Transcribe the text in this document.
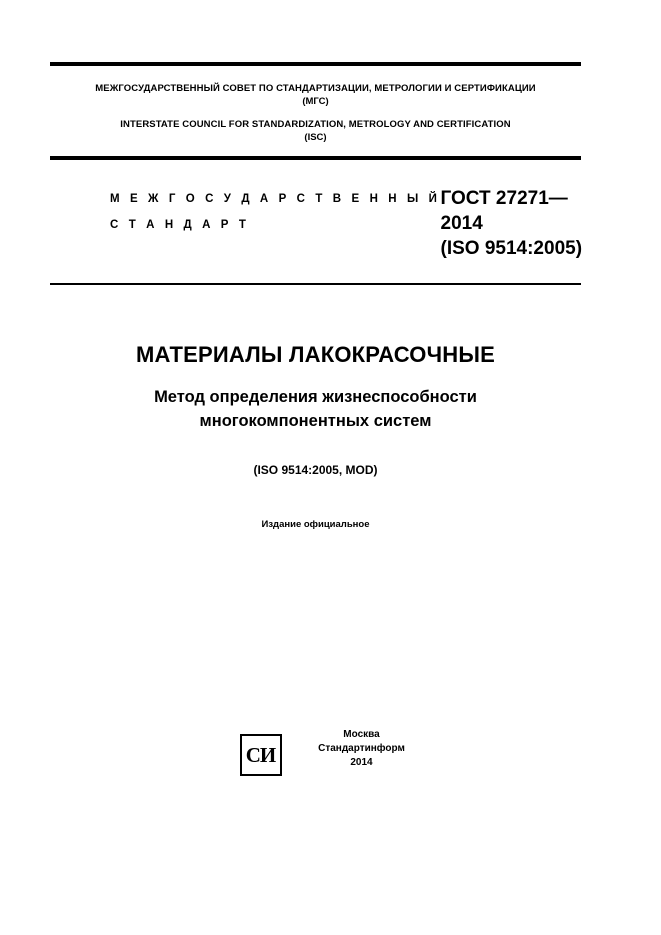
МЕЖГОСУДАРСТВЕННЫЙ СОВЕТ ПО СТАНДАРТИЗАЦИИ, МЕТРОЛОГИИ И СЕРТИФИКАЦИИ
(МГС)
INTERSTATE COUNCIL FOR STANDARDIZATION, METROLOGY AND CERTIFICATION
(ISC)
М Е Ж Г О С У Д А Р С Т В Е Н Н Ы Й
С Т А Н Д А Р Т
ГОСТ 27271—
2014
(ISO 9514:2005)
МАТЕРИАЛЫ ЛАКОКРАСОЧНЫЕ
Метод определения жизнеспособности
многокомпонентных систем
(ISO 9514:2005, MOD)
Издание официальное
СИ
Москва
Стандартинформ
2014
